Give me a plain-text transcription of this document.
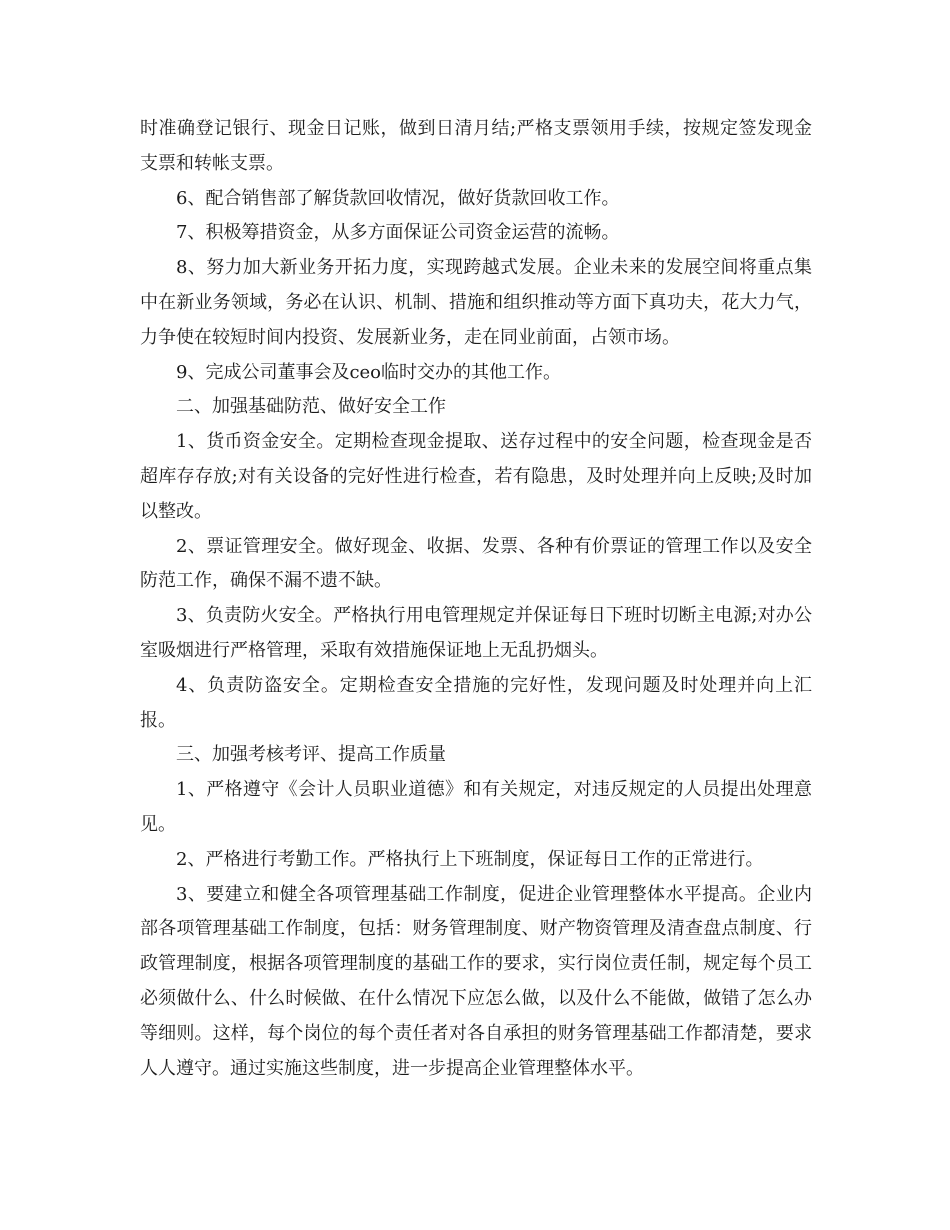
时准确登记银行、现金日记账，做到日清月结;严格支票领用手续，按规定签发现金支票和转帐支票。

6、配合销售部了解货款回收情况，做好货款回收工作。

7、积极筹措资金，从多方面保证公司资金运营的流畅。

8、努力加大新业务开拓力度，实现跨越式发展。企业未来的发展空间将重点集中在新业务领域，务必在认识、机制、措施和组织推动等方面下真功夫，花大力气，力争使在较短时间内投资、发展新业务，走在同业前面，占领市场。

9、完成公司董事会及ceo临时交办的其他工作。

二、加强基础防范、做好安全工作

1、货币资金安全。定期检查现金提取、送存过程中的安全问题，检查现金是否超库存存放;对有关设备的完好性进行检查，若有隐患，及时处理并向上反映;及时加以整改。

2、票证管理安全。做好现金、收据、发票、各种有价票证的管理工作以及安全防范工作，确保不漏不遗不缺。

3、负责防火安全。严格执行用电管理规定并保证每日下班时切断主电源;对办公室吸烟进行严格管理，采取有效措施保证地上无乱扔烟头。

4、负责防盗安全。定期检查安全措施的完好性，发现问题及时处理并向上汇报。

三、加强考核考评、提高工作质量

1、严格遵守《会计人员职业道德》和有关规定，对违反规定的人员提出处理意见。

2、严格进行考勤工作。严格执行上下班制度，保证每日工作的正常进行。

3、要建立和健全各项管理基础工作制度，促进企业管理整体水平提高。企业内部各项管理基础工作制度，包括：财务管理制度、财产物资管理及清查盘点制度、行政管理制度，根据各项管理制度的基础工作的要求，实行岗位责任制，规定每个员工必须做什么、什么时候做、在什么情况下应怎么做，以及什么不能做，做错了怎么办等细则。这样，每个岗位的每个责任者对各自承担的财务管理基础工作都清楚，要求人人遵守。通过实施这些制度，进一步提高企业管理整体水平。
